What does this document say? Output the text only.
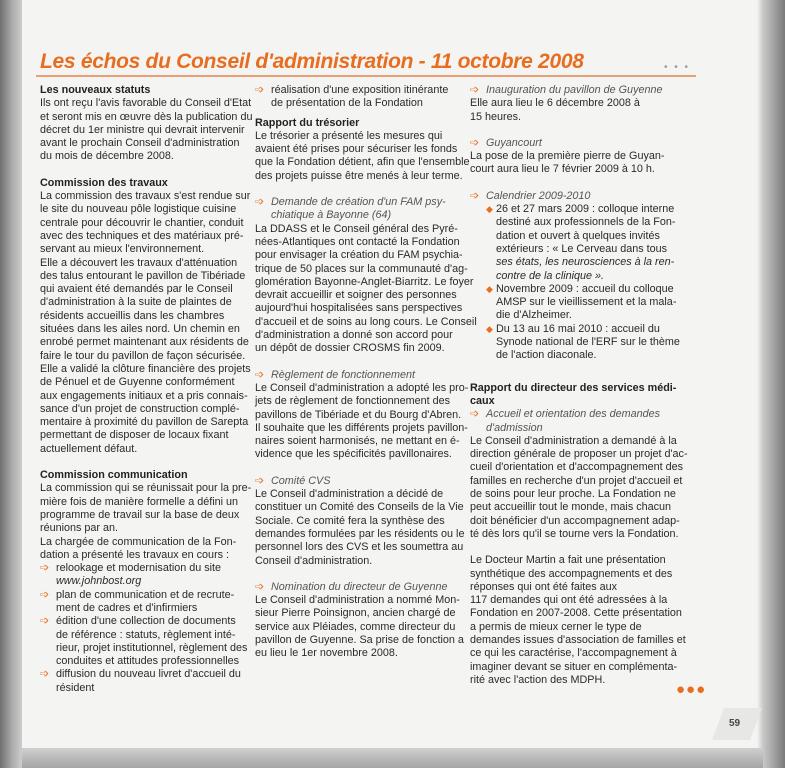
Les échos du Conseil d'administration - 11 octobre 2008	• • •
Les nouveaux statuts

Ils ont reçu l'avis favorable du Conseil d'Etat
et seront mis en œuvre dès la publication du
décret du 1er ministre qui devrait intervenir
avant le prochain Conseil d'administration
du mois de décembre 2008.

Commission des travaux

La commission des travaux s'est rendue sur
le site du nouveau pôle logistique cuisine
centrale pour découvrir le chantier, conduit
avec des techniques et des matériaux pré-
servant au mieux l'environnement.
Elle a découvert les travaux d'atténuation
des talus entourant le pavillon de Tibériade
qui avaient été demandés par le Conseil
d'administration à la suite de plaintes de
résidents accueillis dans les chambres
situées dans les ailes nord. Un chemin en
enrobé permet maintenant aux résidents de
faire le tour du pavillon de façon sécurisée.
Elle a validé la clôture financière des projets
de Pénuel et de Guyenne conformément
aux engagements initiaux et a pris connais-
sance d'un projet de construction complé-
mentaire à proximité du pavillon de Sarepta
permettant de disposer de locaux fixant
actuellement défaut.

Commission communication

La commission qui se réunissait pour la pre-
mière fois de manière formelle a défini un
programme de travail sur la base de deux
réunions par an.
La chargée de communication de la Fon-
dation a présenté les travaux en cours :

➩ relookage et modernisation du site
www.johnbost.org
➩ plan de communication et de recrute-
ment de cadres et d'infirmiers
➩ édition d'une collection de documents
de référence : statuts, règlement inté-
rieur, projet institutionnel, règlement des
conduites et attitudes professionnelles
➩ diffusion du nouveau livret d'accueil du
résident
➩ réalisation d'une exposition itinérante
de présentation de la Fondation
Rapport du trésorier

Le trésorier a présenté les mesures qui
avaient été prises pour sécuriser les fonds
que la Fondation détient, afin que l'ensemble
des projets puisse être menés à leur terme.

➩ Demande de création d'un FAM psy-
chiatique à Bayonne (64)

La DDASS et le Conseil général des Pyré-
nées-Atlantiques ont contacté la Fondation
pour envisager la création du FAM psychia-
trique de 50 places sur la communauté d'ag-
glomération Bayonne-Anglet-Biarritz. Le foyer
devrait accueillir et soigner des personnes
aujourd'hui hospitalisées sans perspectives
d'accueil et de soins au long cours. Le Conseil
d'administration a donné son accord pour
un dépôt de dossier CROSMS fin 2009.

➩ Règlement de fonctionnement

Le Conseil d'administration a adopté les pro-
jets de règlement de fonctionnement des
pavillons de Tibériade et du Bourg d'Abren.
Il souhaite que les différents projets pavillon-
naires soient harmonisés, ne mettant en é-
vidence que les spécificités pavillonaires.

➩ Comité CVS

Le Conseil d'administration a décidé de
constituer un Comité des Conseils de la Vie
Sociale. Ce comité fera la synthèse des
demandes formulées par les résidents ou le
personnel lors des CVS et les soumettra au
Conseil d'administration.

➩ Nomination du directeur de Guyenne

Le Conseil d'administration a nommé Mon-
sieur Pierre Poinsignon, ancien chargé de
service aux Pléiades, comme directeur du
pavillon de Guyenne. Sa prise de fonction a
eu lieu le 1er novembre 2008.

➩ Inauguration du pavillon de Guyenne

Elle aura lieu le 6 décembre 2008 à
15 heures.

➩ Guyancourt

La pose de la première pierre de Guyan-
court aura lieu le 7 février 2009 à 10 h.

➩ Calendrier 2009-2010
◆ 26 et 27 mars 2009 : colloque interne
destiné aux professionnels de la Fon-
dation et ouvert à quelques invités
extérieurs : « Le Cerveau dans tous
ses états, les neurosciences à la ren-
contre de la clinique ».
◆ Novembre 2009 : accueil du colloque
AMSP sur le vieillissement et la mala-
die d'Alzheimer.
◆ Du 13 au 16 mai 2010 : accueil du
Synode national de l'ERF sur le thème
de l'action diaconale.
Rapport du directeur des services médi-
caux
➩ Accueil et orientation des demandes
d'admission

Le Conseil d'administration a demandé à la
direction générale de proposer un projet d'ac-
cueil d'orientation et d'accompagnement des
familles en recherche d'un projet d'accueil et
de soins pour leur proche. La Fondation ne
peut accueillir tout le monde, mais chacun
doit bénéficier d'un accompagnement adap-
té dès lors qu'il se tourne vers la Fondation.

Le Docteur Martin a fait une présentation
synthétique des accompagnements et des
réponses qui ont été faites aux
117 demandes qui ont été adressées à la
Fondation en 2007-2008. Cette présentation
a permis de mieux cerner le type de
demandes issues d'association de familles et
ce qui les caractérise, l'accompagnement à
imaginer devant se situer en complémenta-
rité avec l'action des MDPH.

●●●
59
